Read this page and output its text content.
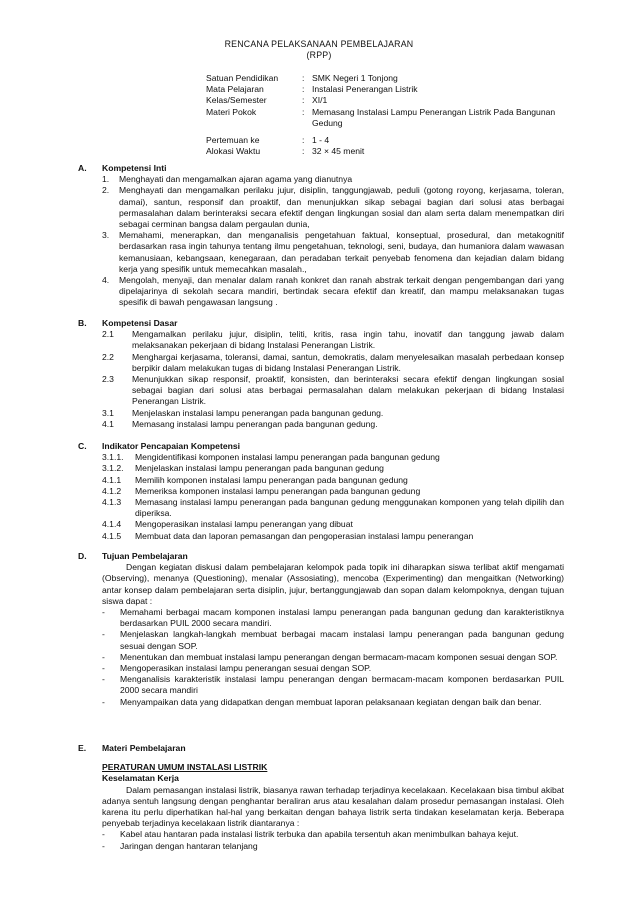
RENCANA PELAKSANAAN PEMBELAJARAN
(RPP)
Satuan Pendidikan	: SMK Negeri 1 Tonjong
Mata Pelajaran	: Instalasi Penerangan Listrik
Kelas/Semester	: XI/1
Materi Pokok	: Memasang Instalasi Lampu Penerangan Listrik Pada Bangunan Gedung
Pertemuan ke	: 1 - 4
Alokasi Waktu	: 32 × 45 menit
A.	Kompetensi Inti
1.	Menghayati dan mengamalkan ajaran agama yang dianutnya
2.	Menghayati dan mengamalkan perilaku jujur, disiplin, tanggungjawab, peduli (gotong royong, kerjasama, toleran, damai), santun, responsif dan proaktif, dan menunjukkan sikap sebagai bagian dari solusi atas berbagai permasalahan dalam berinteraksi secara efektif dengan lingkungan sosial dan alam serta dalam menempatkan diri sebagai cerminan bangsa dalam pergaulan dunia,
3.	Memahami, menerapkan, dan menganalisis pengetahuan faktual, konseptual, prosedural, dan metakognitif berdasarkan rasa ingin tahunya tentang ilmu pengetahuan, teknologi, seni, budaya, dan humaniora dalam wawasan kemanusiaan, kebangsaan, kenegaraan, dan peradaban terkait penyebab fenomena dan kejadian dalam bidang kerja yang spesifik untuk memecahkan masalah.,
4.	Mengolah, menyaji, dan menalar dalam ranah konkret dan ranah abstrak terkait dengan pengembangan dari yang dipelajarinya di sekolah secara mandiri, bertindak secara efektif dan kreatif, dan mampu melaksanakan tugas spesifik di bawah pengawasan langsung .
B.	Kompetensi Dasar
2.1	Mengamalkan perilaku jujur, disiplin, teliti, kritis, rasa ingin tahu, inovatif dan tanggung jawab dalam melaksanakan pekerjaan di bidang Instalasi Penerangan Listrik.
2.2	Menghargai kerjasama, toleransi, damai, santun, demokratis, dalam menyelesaikan masalah perbedaan konsep berpikir dalam melakukan tugas di bidang Instalasi Penerangan Listrik.
2.3	Menunjukkan sikap responsif, proaktif, konsisten, dan berinteraksi secara efektif dengan lingkungan sosial sebagai bagian dari solusi atas berbagai permasalahan dalam melakukan pekerjaan di bidang Instalasi Penerangan Listrik.
3.1	Menjelaskan instalasi lampu penerangan pada bangunan gedung.
4.1	Memasang instalasi lampu penerangan pada bangunan gedung.
C.	Indikator Pencapaian Kompetensi
3.1.1.	Mengidentifikasi komponen instalasi lampu penerangan pada bangunan gedung
3.1.2.	Menjelaskan instalasi lampu penerangan pada bangunan gedung
4.1.1	Memilih komponen instalasi lampu penerangan pada bangunan gedung
4.1.2	Memeriksa komponen instalasi lampu penerangan pada bangunan gedung
4.1.3	Memasang instalasi lampu penerangan pada bangunan gedung menggunakan komponen yang telah dipilih dan diperiksa.
4.1.4	Mengoperasikan instalasi lampu penerangan yang dibuat
4.1.5	Membuat data dan laporan pemasangan dan pengoperasian instalasi lampu penerangan
D.	Tujuan Pembelajaran
Dengan kegiatan diskusi dalam pembelajaran kelompok pada topik ini diharapkan siswa terlibat aktif mengamati (Observing), menanya (Questioning), menalar (Assosiating), mencoba (Experimenting) dan mengaitkan (Networking) antar konsep dalam pembelajaran serta disiplin, jujur, bertanggungjawab dan sopan dalam kelompoknya, dengan tujuan siswa dapat :
-	Memahami berbagai macam komponen instalasi lampu penerangan pada bangunan gedung dan karakteristiknya berdasarkan PUIL 2000 secara mandiri.
-	Menjelaskan langkah-langkah membuat berbagai macam instalasi lampu penerangan pada bangunan gedung sesuai dengan SOP.
-	Menentukan dan membuat instalasi lampu penerangan dengan bermacam-macam komponen sesuai dengan SOP.
-	Mengoperasikan instalasi lampu penerangan sesuai dengan SOP.
-	Menganalisis karakteristik instalasi lampu penerangan dengan bermacam-macam komponen berdasarkan PUIL 2000 secara mandiri
-	Menyampaikan data yang didapatkan dengan membuat laporan pelaksanaan kegiatan dengan baik dan benar.
E.	Materi Pembelajaran
PERATURAN UMUM INSTALASI LISTRIK
Keselamatan Kerja
Dalam pemasangan instalasi listrik, biasanya rawan terhadap terjadinya kecelakaan. Kecelakaan bisa timbul akibat adanya sentuh langsung dengan penghantar beraliran arus atau kesalahan dalam prosedur pemasangan instalasi. Oleh karena itu perlu diperhatikan hal-hal yang berkaitan dengan bahaya listrik serta tindakan keselamatan kerja. Beberapa penyebab terjadinya kecelakaan listrik diantaranya :
-	Kabel atau hantaran pada instalasi listrik terbuka dan apabila tersentuh akan menimbulkan bahaya kejut.
-	Jaringan dengan hantaran telanjang
